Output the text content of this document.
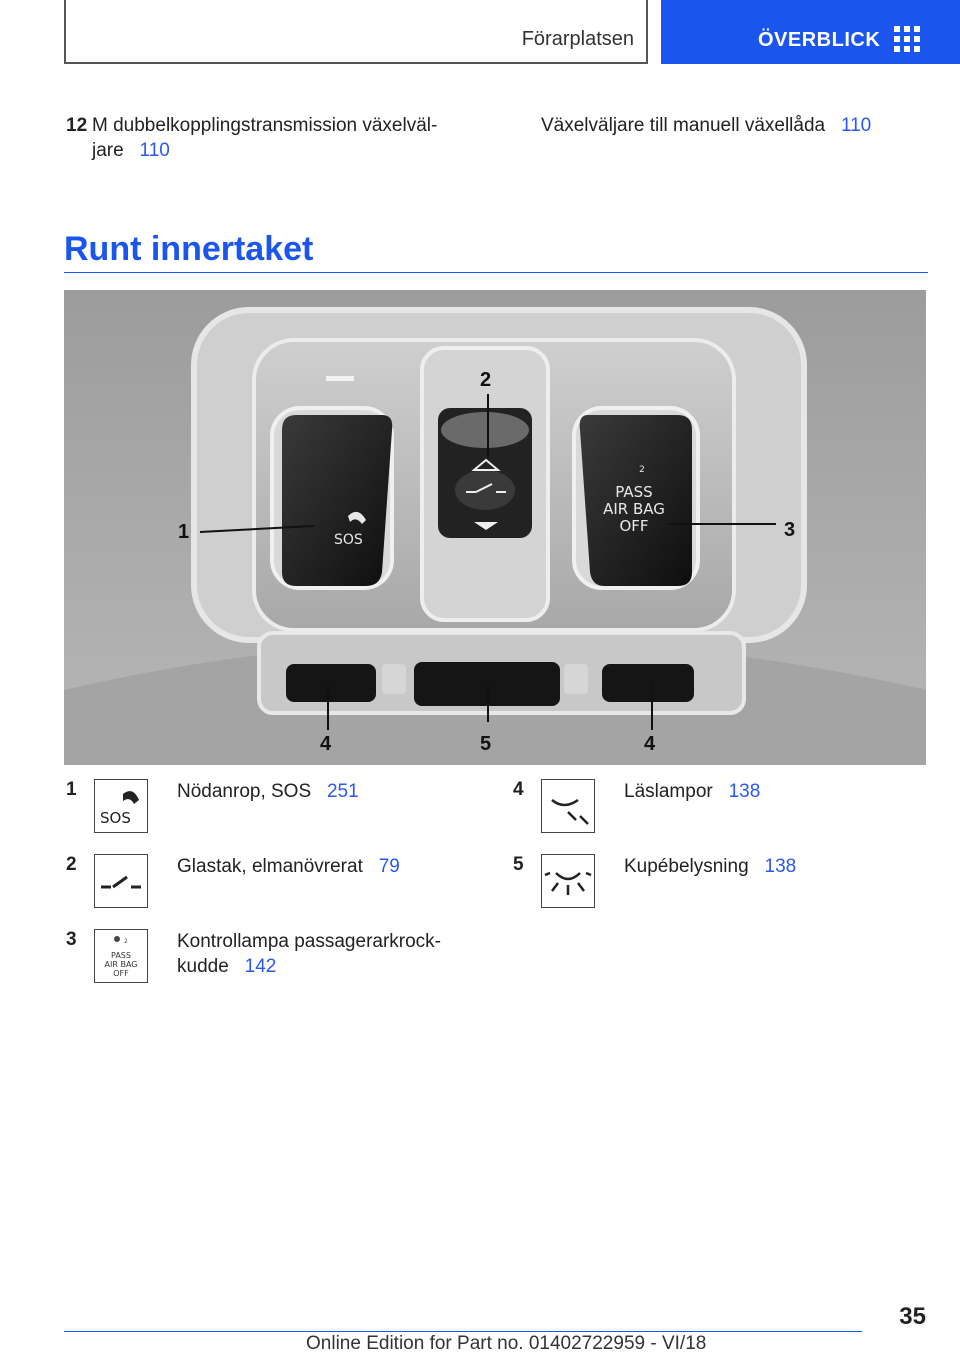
Förarplatsen	ÖVERBLICK
12 M dubbelkopplingstransmission växelväl-
jare 110
Växelväljare till manuell växellåda 110
Runt innertaket
SOS
2
PASS
AIR BAG
OFF
1
2
3
4	5	4
1
SOS
Nödanrop, SOS 251
2	Glastak, elmanövrerat 79
3	2
PASS
AIR BAG
OFF
Kontrollampa passagerarkrock-
kudde 142
4	Läslampor 138
5	Kupébelysning 138
35
Online Edition for Part no. 01402722959 - VI/18
